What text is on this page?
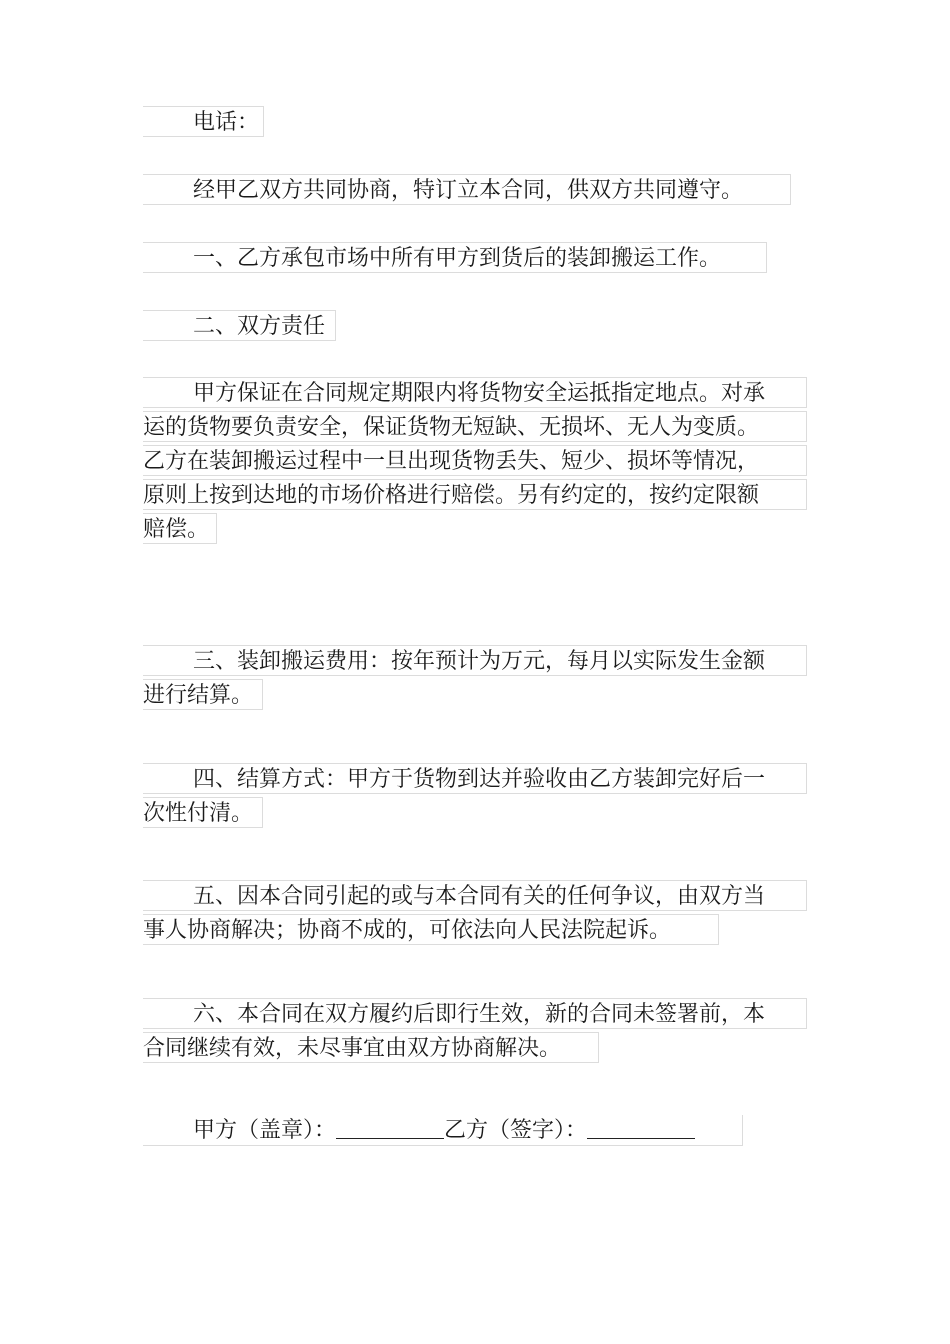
电话：
经甲乙双方共同协商，特订立本合同，供双方共同遵守。
一、乙方承包市场中所有甲方到货后的装卸搬运工作。
二、双方责任
甲方保证在合同规定期限内将货物安全运抵指定地点。对承
运的货物要负责安全，保证货物无短缺、无损坏、无人为变质。
乙方在装卸搬运过程中一旦出现货物丢失、短少、损坏等情况，
原则上按到达地的市场价格进行赔偿。另有约定的，按约定限额
赔偿。
三、装卸搬运费用：按年预计为万元，每月以实际发生金额
进行结算。
四、结算方式：甲方于货物到达并验收由乙方装卸完好后一
次性付清。
五、因本合同引起的或与本合同有关的任何争议，由双方当
事人协商解决；协商不成的，可依法向人民法院起诉。
六、本合同在双方履约后即行生效，新的合同未签署前，本
合同继续有效，未尽事宜由双方协商解决。
甲方（盖章）：	乙方（签字）：
